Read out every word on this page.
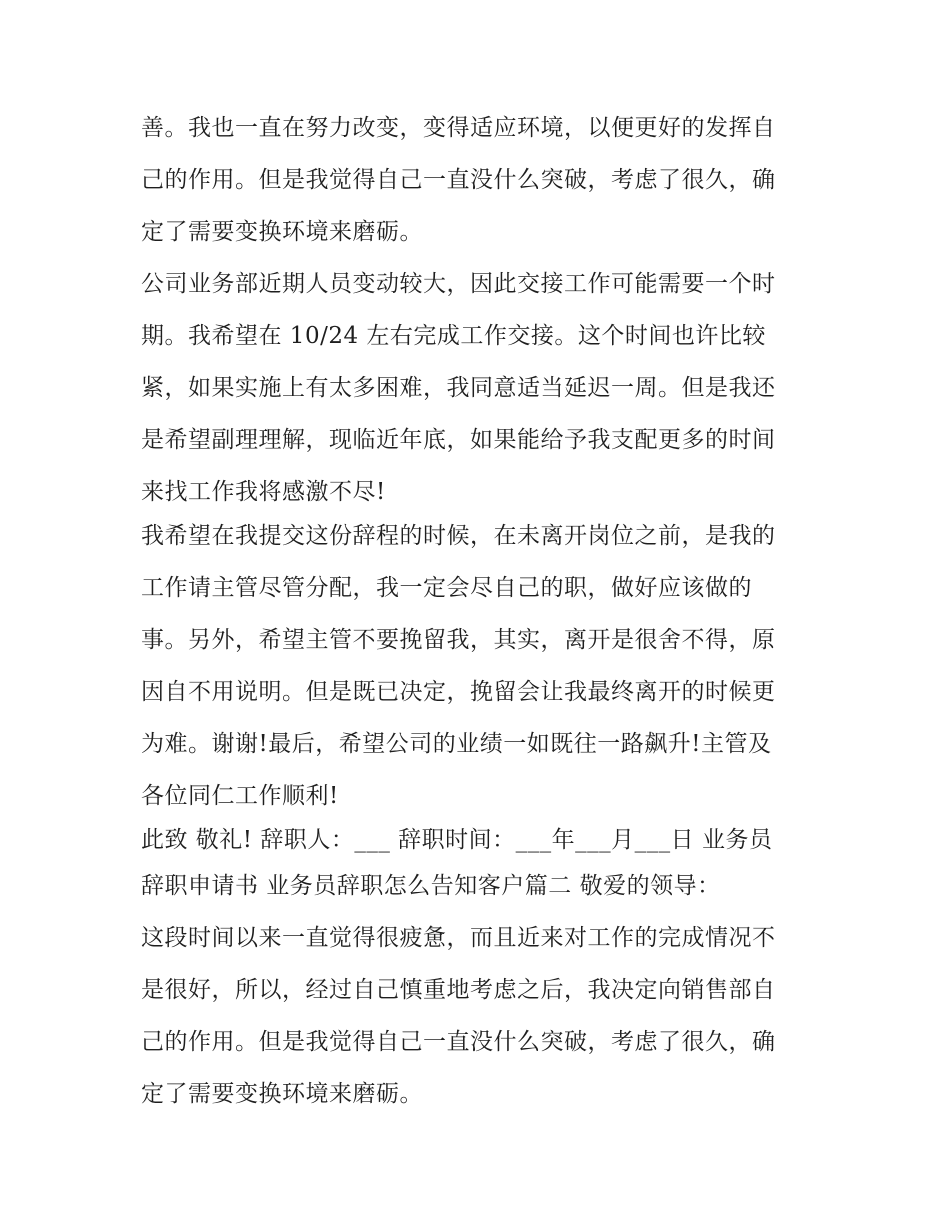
善。我也一直在努力改变，变得适应环境，以便更好的发挥自
己的作用。但是我觉得自己一直没什么突破，考虑了很久，确
定了需要变换环境来磨砺。
公司业务部近期人员变动较大，因此交接工作可能需要一个时
期。我希望在 10/24 左右完成工作交接。这个时间也许比较
紧，如果实施上有太多困难，我同意适当延迟一周。但是我还
是希望副理理解，现临近年底，如果能给予我支配更多的时间
来找工作我将感激不尽!
我希望在我提交这份辞程的时候，在未离开岗位之前，是我的
工作请主管尽管分配，我一定会尽自己的职，做好应该做的
事。另外，希望主管不要挽留我，其实，离开是很舍不得，原
因自不用说明。但是既已决定，挽留会让我最终离开的时候更
为难。谢谢!最后，希望公司的业绩一如既往一路飙升!主管及
各位同仁工作顺利!
此致 敬礼! 辞职人：___ 辞职时间：___年___月___日 业务员
辞职申请书 业务员辞职怎么告知客户篇二 敬爱的领导：
这段时间以来一直觉得很疲惫，而且近来对工作的完成情况不
是很好，所以，经过自己慎重地考虑之后，我决定向销售部自
己的作用。但是我觉得自己一直没什么突破，考虑了很久，确
定了需要变换环境来磨砺。
